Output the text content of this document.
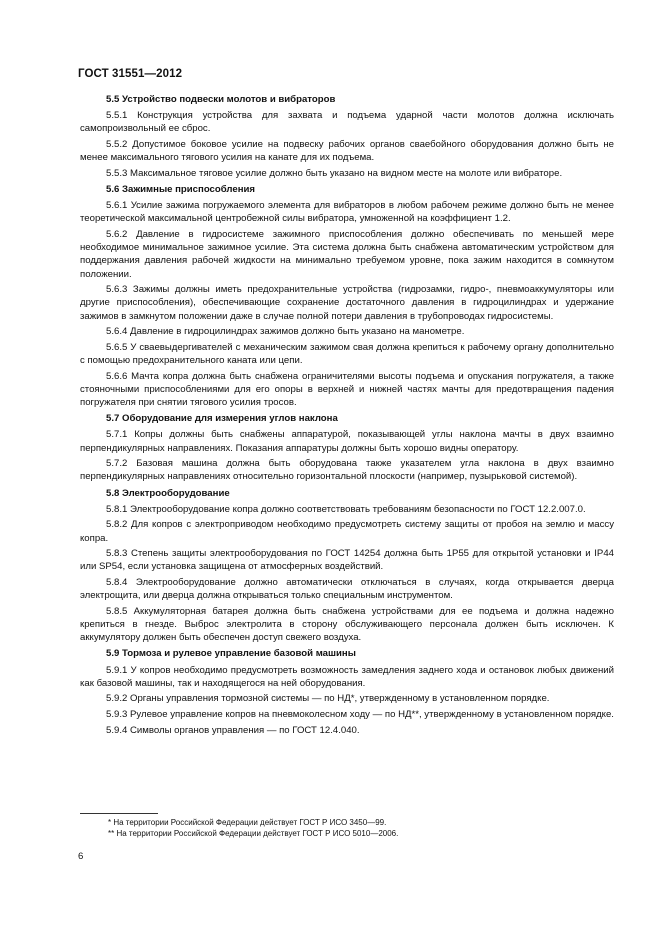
ГОСТ 31551—2012

5.5 Устройство подвески молотов и вибраторов

5.5.1 Конструкция устройства для захвата и подъема ударной части молотов должна исключать самопроизвольный ее сброс.

5.5.2 Допустимое боковое усилие на подвеску рабочих органов сваебойного оборудования должно быть не менее максимального тягового усилия на канате для их подъема.

5.5.3 Максимальное тяговое усилие должно быть указано на видном месте на молоте или вибраторе.

5.6 Зажимные приспособления

5.6.1 Усилие зажима погружаемого элемента для вибраторов в любом рабочем режиме должно быть не менее теоретической максимальной центробежной силы вибратора, умноженной на коэффициент 1.2.

5.6.2 Давление в гидросистеме зажимного приспособления должно обеспечивать по меньшей мере необходимое минимальное зажимное усилие. Эта система должна быть снабжена автоматическим устройством для поддержания давления рабочей жидкости на минимально требуемом уровне, пока зажим находится в сомкнутом положении.

5.6.3 Зажимы должны иметь предохранительные устройства (гидрозамки, гидро-, пневмоаккумуляторы или другие приспособления), обеспечивающие сохранение достаточного давления в гидроцилиндрах и удержание зажимов в замкнутом положении даже в случае полной потери давления в трубопроводах гидросистемы.

5.6.4 Давление в гидроцилиндрах зажимов должно быть указано на манометре.

5.6.5 У сваевыдергивателей с механическим зажимом свая должна крепиться к рабочему органу дополнительно с помощью предохранительного каната или цепи.

5.6.6 Мачта копра должна быть снабжена ограничителями высоты подъема и опускания погружателя, а также стояночными приспособлениями для его опоры в верхней и нижней частях мачты для предотвращения падения погружателя при снятии тягового усилия тросов.

5.7 Оборудование для измерения углов наклона

5.7.1 Копры должны быть снабжены аппаратурой, показывающей углы наклона мачты в двух взаимно перпендикулярных направлениях. Показания аппаратуры должны быть хорошо видны оператору.

5.7.2 Базовая машина должна быть оборудована также указателем угла наклона в двух взаимно перпендикулярных направлениях относительно горизонтальной плоскости (например, пузырьковой системой).

5.8 Электрооборудование

5.8.1 Электрооборудование копра должно соответствовать требованиям безопасности по ГОСТ 12.2.007.0.

5.8.2 Для копров с электроприводом необходимо предусмотреть систему защиты от пробоя на землю и массу копра.

5.8.3 Степень защиты электрооборудования по ГОСТ 14254 должна быть 1P55 для открытой установки и IP44 или SP54, если установка защищена от атмосферных воздействий.

5.8.4 Электрооборудование должно автоматически отключаться в случаях, когда открывается дверца электрощита, или дверца должна открываться только специальным инструментом.

5.8.5 Аккумуляторная батарея должна быть снабжена устройствами для ее подъема и должна надежно крепиться в гнезде. Выброс электролита в сторону обслуживающего персонала должен быть исключен. К аккумулятору должен быть обеспечен доступ свежего воздуха.

5.9 Тормоза и рулевое управление базовой машины

5.9.1 У копров необходимо предусмотреть возможность замедления заднего хода и остановок любых движений как базовой машины, так и находящегося на ней оборудования.

5.9.2 Органы управления тормозной системы — по НД*, утвержденному в установленном порядке.

5.9.3 Рулевое управление копров на пневмоколесном ходу — по НД**, утвержденному в установленном порядке.

5.9.4 Символы органов управления — по ГОСТ 12.4.040.

* На территории Российской Федерации действует ГОСТ Р ИСО 3450—99.
** На территории Российской Федерации действует ГОСТ Р ИСО 5010—2006.
6
